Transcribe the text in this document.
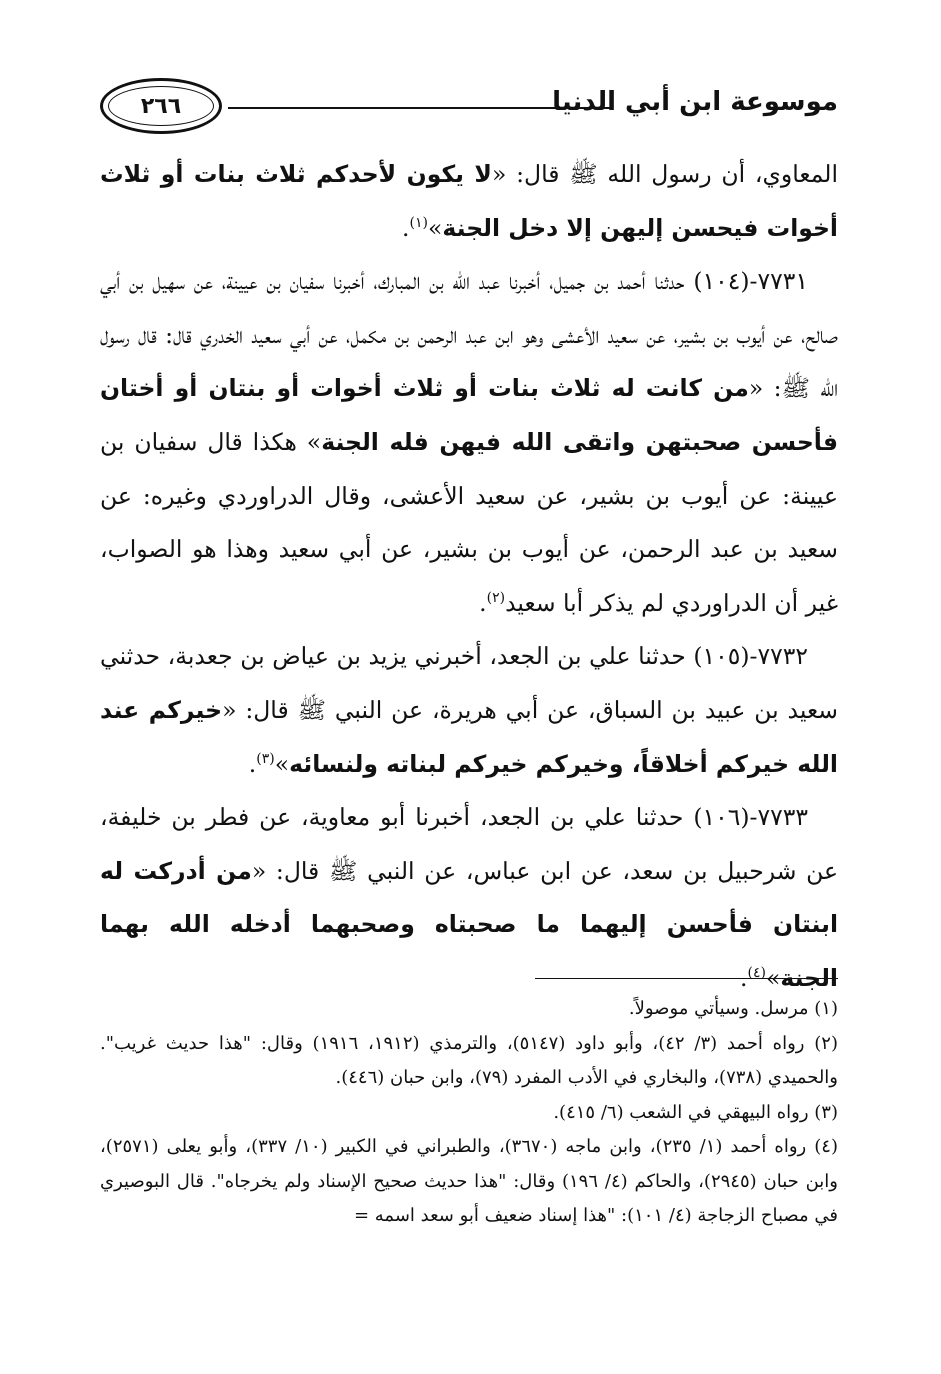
موسوعة ابن أبي الدنيا
٢٦٦

المعاوي، أن رسول الله ﷺ قال: «لا يكون لأحدكم ثلاث بنات أو ثلاث أخوات فيحسن إليهن إلا دخل الجنة»$^{(١)}$.

٧٧٣١-(١٠٤) حدثنا أحمد بن جميل، أخبرنا عبد الله بن المبارك، أخبرنا سفيان بن عيينة، عن سهيل بن أبي صالح، عن أيوب بن بشير، عن سعيد الأعشى وهو ابن عبد الرحمن بن مكمل، عن أبي سعيد الخدري قال: قال رسول الله ﷺ: «من كانت له ثلاث بنات أو ثلاث أخوات أو بنتان أو أختان فأحسن صحبتهن واتقى الله فيهن فله الجنة» هكذا قال سفيان بن عيينة: عن أيوب بن بشير، عن سعيد الأعشى، وقال الدراوردي وغيره: عن سعيد بن عبد الرحمن، عن أيوب بن بشير، عن أبي سعيد وهذا هو الصواب، غير أن الدراوردي لم يذكر أبا سعيد$^{(٢)}$.

٧٧٣٢-(١٠٥) حدثنا علي بن الجعد، أخبرني يزيد بن عياض بن جعدبة، حدثني سعيد بن عبيد بن السباق، عن أبي هريرة، عن النبي ﷺ قال: «خيركم عند الله خيركم أخلاقاً، وخيركم خيركم لبناته ولنسائه»$^{(٣)}$.

٧٧٣٣-(١٠٦) حدثنا علي بن الجعد، أخبرنا أبو معاوية، عن فطر بن خليفة، عن شرحبيل بن سعد، عن ابن عباس، عن النبي ﷺ قال: «من أدركت له ابنتان فأحسن إليهما ما صحبتاه وصحبهما أدخله الله بهما الجنة»$^{(٤)}$.

(١) مرسل. وسيأتي موصولاً.

(٢) رواه أحمد (٣/ ٤٢)، وأبو داود (٥١٤٧)، والترمذي (١٩١٢، ١٩١٦) وقال: "هذا حديث غريب". والحميدي (٧٣٨)، والبخاري في الأدب المفرد (٧٩)، وابن حبان (٤٤٦).

(٣) رواه البيهقي في الشعب (٦/ ٤١٥).

(٤) رواه أحمد (١/ ٢٣٥)، وابن ماجه (٣٦٧٠)، والطبراني في الكبير (١٠/ ٣٣٧)، وأبو يعلى (٢٥٧١)، وابن حبان (٢٩٤٥)، والحاكم (٤/ ١٩٦) وقال: "هذا حديث صحيح الإسناد ولم يخرجاه". قال البوصيري في مصباح الزجاجة (٤/ ١٠١): "هذا إسناد ضعيف أبو سعد اسمه =
